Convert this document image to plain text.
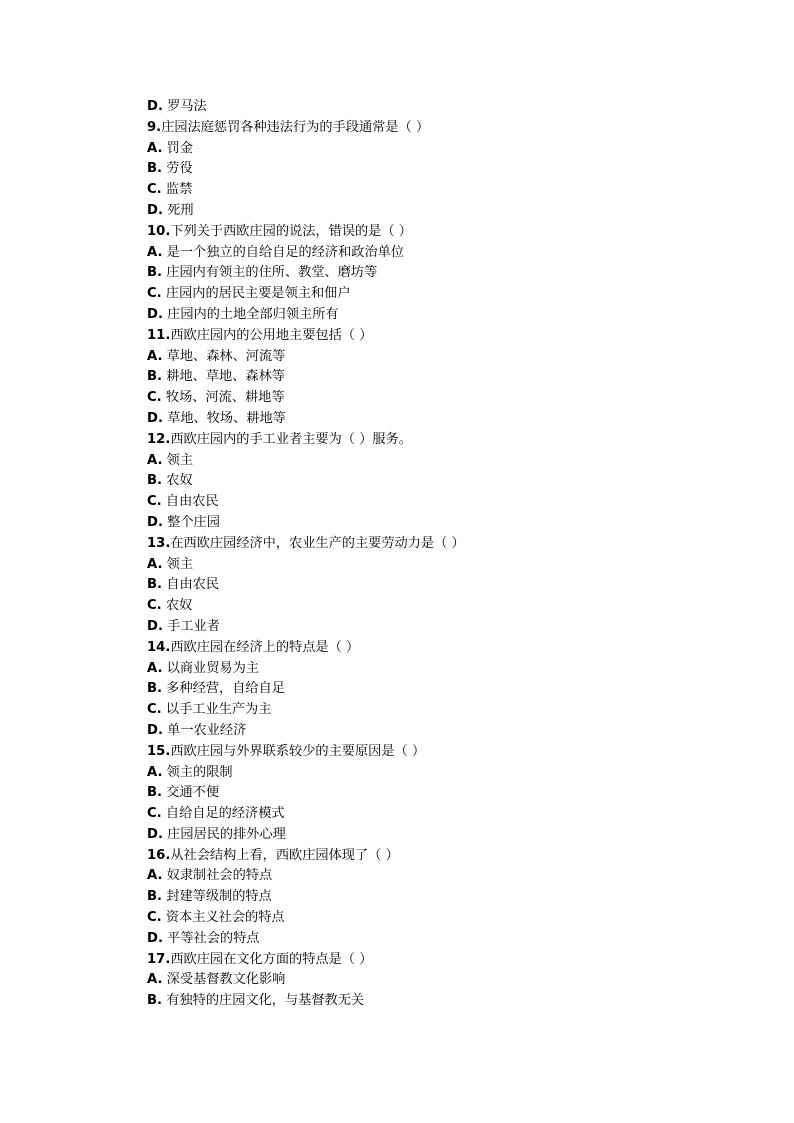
D. 罗马法
9.庄园法庭惩罚各种违法行为的手段通常是（ ）
A. 罚金
B. 劳役
C. 监禁
D. 死刑
10.下列关于西欧庄园的说法，错误的是（ ）
A. 是一个独立的自给自足的经济和政治单位
B. 庄园内有领主的住所、教堂、磨坊等
C. 庄园内的居民主要是领主和佃户
D. 庄园内的土地全部归领主所有
11.西欧庄园内的公用地主要包括（ ）
A. 草地、森林、河流等
B. 耕地、草地、森林等
C. 牧场、河流、耕地等
D. 草地、牧场、耕地等
12.西欧庄园内的手工业者主要为（ ）服务。
A. 领主
B. 农奴
C. 自由农民
D. 整个庄园
13.在西欧庄园经济中，农业生产的主要劳动力是（ ）
A. 领主
B. 自由农民
C. 农奴
D. 手工业者
14.西欧庄园在经济上的特点是（ ）
A. 以商业贸易为主
B. 多种经营，自给自足
C. 以手工业生产为主
D. 单一农业经济
15.西欧庄园与外界联系较少的主要原因是（ ）
A. 领主的限制
B. 交通不便
C. 自给自足的经济模式
D. 庄园居民的排外心理
16.从社会结构上看，西欧庄园体现了（ ）
A. 奴隶制社会的特点
B. 封建等级制的特点
C. 资本主义社会的特点
D. 平等社会的特点
17.西欧庄园在文化方面的特点是（ ）
A. 深受基督教文化影响
B. 有独特的庄园文化，与基督教无关
